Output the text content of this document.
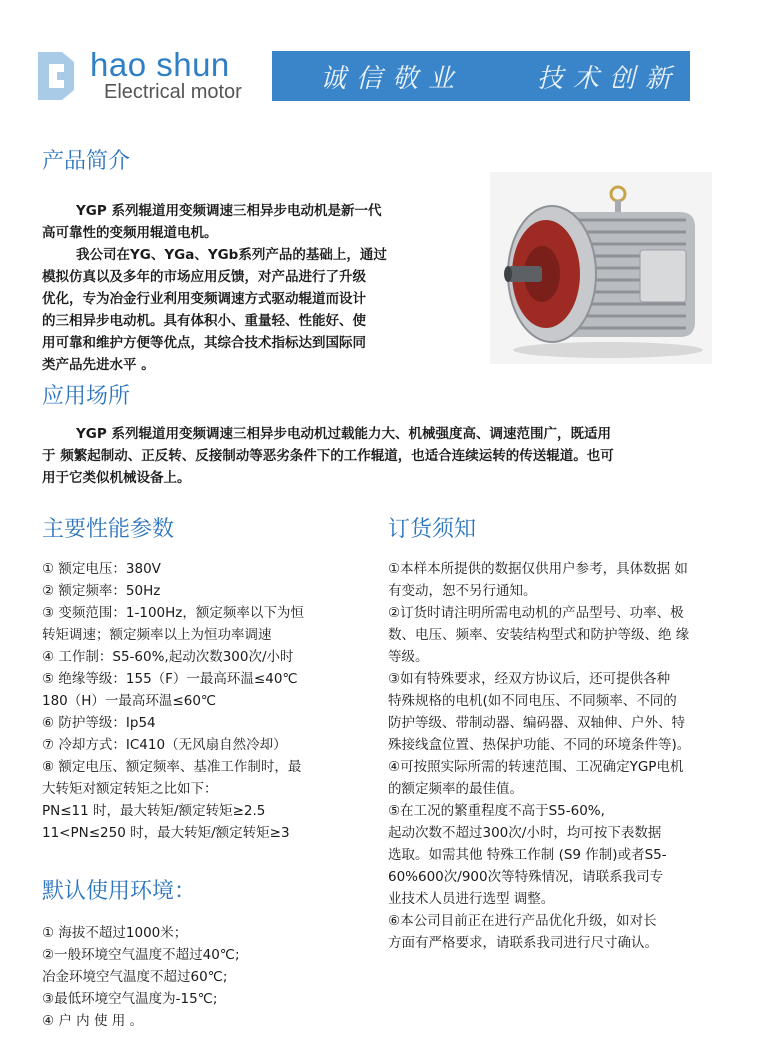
hao shun
Electrical motor	诚信敬业    技术创新
产品简介

YGP 系列辊道用变频调速三相异步电动机是新一代
高可靠性的变频用辊道电机。
我公司在YG、YGa、YGb系列产品的基础上，通过
模拟仿真以及多年的市场应用反馈，对产品进行了升级
优化，专为冶金行业利用变频调速方式驱动辊道而设计
的三相异步电动机。具有体积小、重量轻、性能好、使
用可靠和维护方便等优点，其综合技术指标达到国际同
类产品先进水平 。

应用场所

YGP 系列辊道用变频调速三相异步电动机过载能力大、机械强度高、调速范围广，既适用
于 频繁起制动、正反转、反接制动等恶劣条件下的工作辊道，也适合连续运转的传送辊道。也可
用于它类似机械设备上。

主要性能参数

① 额定电压：380V
② 额定频率：50Hz
③ 变频范围：1-100Hz，额定频率以下为恒
转矩调速；额定频率以上为恒功率调速
④ 工作制：S5-60%,起动次数300次/小时
⑤ 绝缘等级：155（F）一最高环温≤40℃
180（H）一最高环温≤60℃
⑥ 防护等级：Ip54
⑦ 冷却方式：IC410（无风扇自然冷却）
⑧ 额定电压、额定频率、基准工作制时，最
大转矩对额定转矩之比如下：
PN≤11 时，最大转矩/额定转矩≥2.5
11<PN≤250 时，最大转矩/额定转矩≥3

默认使用环境：

① 海拔不超过1000米；
②一般环境空气温度不超过40℃;
冶金环境空气温度不超过60℃;
③最低环境空气温度为-15℃;
④ 户 内 使 用 。

订货须知

①本样本所提供的数据仅供用户参考，具体数据 如
有变动，恕不另行通知。
②订货时请注明所需电动机的产品型号、功率、极
数、电压、频率、安装结构型式和防护等级、绝 缘
等级。
③如有特殊要求，经双方协议后，还可提供各种
特殊规格的电机(如不同电压、不同频率、不同的
防护等级、带制动器、编码器、双轴伸、户外、特
殊接线盒位置、热保护功能、不同的环境条件等)。
④可按照实际所需的转速范围、工况确定YGP电机
的额定频率的最佳值。
⑤在工况的繁重程度不高于S5-60%,
起动次数不超过300次/小时，均可按下表数据
选取。如需其他 特殊工作制 (S9 作制)或者S5-
60%600次/900次等特殊情况，请联系我司专
业技术人员进行选型 调整。
⑥本公司目前正在进行产品优化升级，如对长
方面有严格要求，请联系我司进行尺寸确认。
